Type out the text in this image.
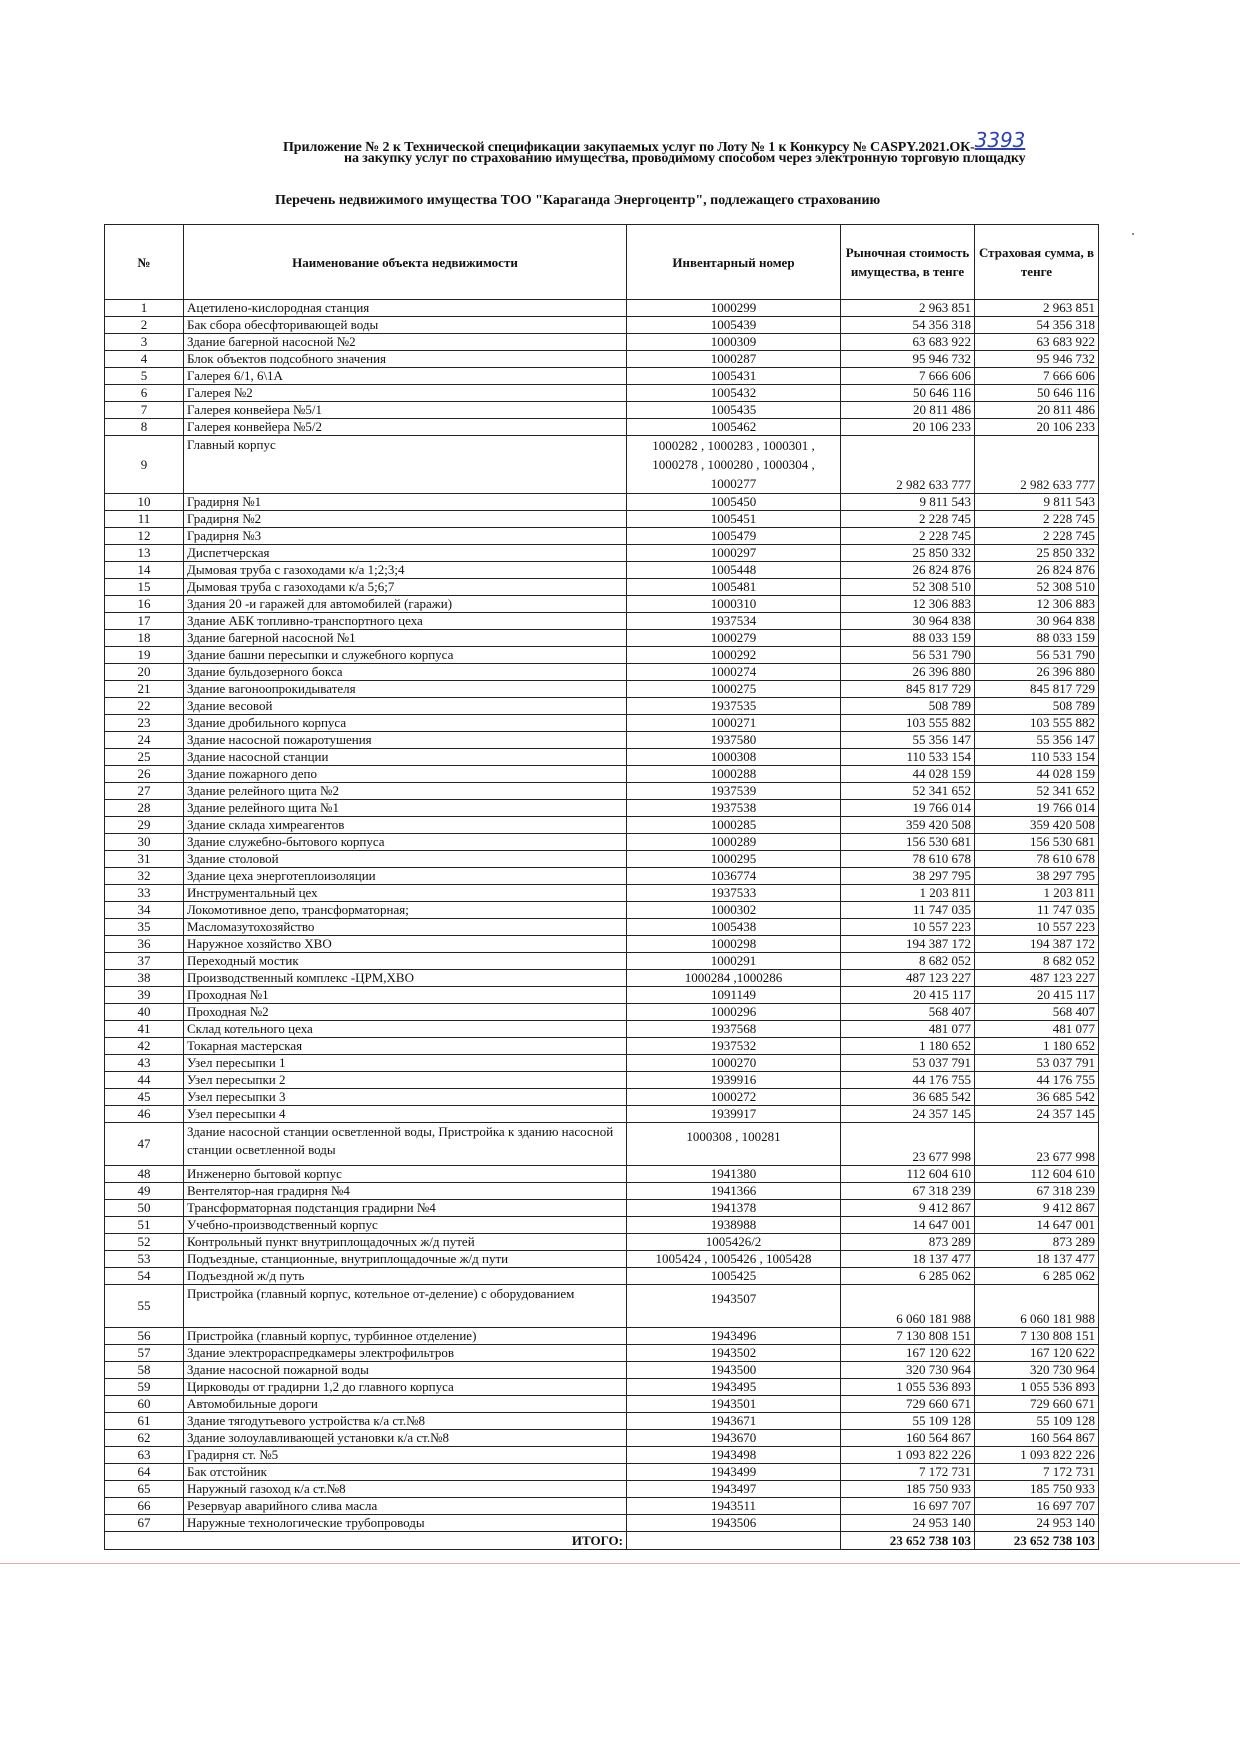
Приложение № 2 к Технической спецификации закупаемых услуг по Лоту № 1 к Конкурсу № CASPY.2021.ОК-3393
на закупку услуг по страхованию имущества, проводимому способом через электронную торговую площадку
Перечень недвижимого имущества ТОО "Караганда Энергоцентр", подлежащего страхованию
№	Наименование объекта недвижимости	Инвентарный номер	Рыночная стоимость имущества, в тенге	Страховая сумма, в тенге
1	Ацетилено-кислородная станция	1000299	2 963 851	2 963 851
2	Бак сбора обесфторивающей воды	1005439	54 356 318	54 356 318
3	Здание багерной насосной №2	1000309	63 683 922	63 683 922
4	Блок объектов подсобного значения	1000287	95 946 732	95 946 732
5	Галерея 6/1, 6\1А	1005431	7 666 606	7 666 606
6	Галерея №2	1005432	50 646 116	50 646 116
7	Галерея конвейера №5/1	1005435	20 811 486	20 811 486
8	Галерея конвейера №5/2	1005462	20 106 233	20 106 233
9	Главный корпус	1000282 , 1000283 , 1000301 , 1000278 , 1000280 , 1000304 , 1000277	2 982 633 777	2 982 633 777
10	Градирня №1	1005450	9 811 543	9 811 543
11	Градирня №2	1005451	2 228 745	2 228 745
12	Градирня №3	1005479	2 228 745	2 228 745
13	Диспетчерская	1000297	25 850 332	25 850 332
14	Дымовая труба с газоходами к/а 1;2;3;4	1005448	26 824 876	26 824 876
15	Дымовая труба с газоходами к/а 5;6;7	1005481	52 308 510	52 308 510
16	Здания 20 -и гаражей для автомобилей (гаражи)	1000310	12 306 883	12 306 883
17	Здание АБК топливно-транспортного цеха	1937534	30 964 838	30 964 838
18	Здание багерной насосной №1	1000279	88 033 159	88 033 159
19	Здание башни пересыпки и служебного корпуса	1000292	56 531 790	56 531 790
20	Здание бульдозерного бокса	1000274	26 396 880	26 396 880
21	Здание вагоноопрокидывателя	1000275	845 817 729	845 817 729
22	Здание весовой	1937535	508 789	508 789
23	Здание дробильного корпуса	1000271	103 555 882	103 555 882
24	Здание насосной пожаротушения	1937580	55 356 147	55 356 147
25	Здание насосной станции	1000308	110 533 154	110 533 154
26	Здание пожарного депо	1000288	44 028 159	44 028 159
27	Здание релейного щита №2	1937539	52 341 652	52 341 652
28	Здание релейного щита №1	1937538	19 766 014	19 766 014
29	Здание склада химреагентов	1000285	359 420 508	359 420 508
30	Здание служебно-бытового корпуса	1000289	156 530 681	156 530 681
31	Здание столовой	1000295	78 610 678	78 610 678
32	Здание цеха энерготеплоизоляции	1036774	38 297 795	38 297 795
33	Инструментальный цех	1937533	1 203 811	1 203 811
34	Локомотивное депо, трансформаторная;	1000302	11 747 035	11 747 035
35	Масломазутохозяйство	1005438	10 557 223	10 557 223
36	Наружное хозяйство ХВО	1000298	194 387 172	194 387 172
37	Переходный мостик	1000291	8 682 052	8 682 052
38	Производственный комплекс -ЦРМ,ХВО	1000284 ,1000286	487 123 227	487 123 227
39	Проходная №1	1091149	20 415 117	20 415 117
40	Проходная №2	1000296	568 407	568 407
41	Склад котельного цеха	1937568	481 077	481 077
42	Токарная мастерская	1937532	1 180 652	1 180 652
43	Узел пересыпки 1	1000270	53 037 791	53 037 791
44	Узел пересыпки 2	1939916	44 176 755	44 176 755
45	Узел пересыпки 3	1000272	36 685 542	36 685 542
46	Узел пересыпки 4	1939917	24 357 145	24 357 145
47	Здание насосной станции осветленной воды, Пристройка к зданию насосной станции осветленной воды	1000308 , 100281	23 677 998	23 677 998
48	Инженерно бытовой корпус	1941380	112 604 610	112 604 610
49	Вентелятор-ная градирня №4	1941366	67 318 239	67 318 239
50	Трансформаторная подстанция градирни №4	1941378	9 412 867	9 412 867
51	Учебно-производственный корпус	1938988	14 647 001	14 647 001
52	Контрольный пункт внутриплощадочных ж/д путей	1005426/2	873 289	873 289
53	Подъездные, станционные, внутриплощадочные ж/д пути	1005424 , 1005426 , 1005428	18 137 477	18 137 477
54	Подъездной ж/д путь	1005425	6 285 062	6 285 062
55	Пристройка (главный корпус, котельное от-деление) с оборудованием	1943507	6 060 181 988	6 060 181 988
56	Пристройка (главный корпус, турбинное отделение)	1943496	7 130 808 151	7 130 808 151
57	Здание электрораспредкамеры электрофильтров	1943502	167 120 622	167 120 622
58	Здание насосной пожарной воды	1943500	320 730 964	320 730 964
59	Цирководы от градирни 1,2 до главного корпуса	1943495	1 055 536 893	1 055 536 893
60	Автомобильные дороги	1943501	729 660 671	729 660 671
61	Здание тягодутьевого устройства к/а ст.№8	1943671	55 109 128	55 109 128
62	Здание золоулавливающей установки к/а ст.№8	1943670	160 564 867	160 564 867
63	Градирня ст. №5	1943498	1 093 822 226	1 093 822 226
64	Бак отстойник	1943499	7 172 731	7 172 731
65	Наружный газоход к/а ст.№8	1943497	185 750 933	185 750 933
66	Резервуар аварийного слива масла	1943511	16 697 707	16 697 707
67	Наружные технологические трубопроводы	1943506	24 953 140	24 953 140
ИТОГО:			23 652 738 103	23 652 738 103
